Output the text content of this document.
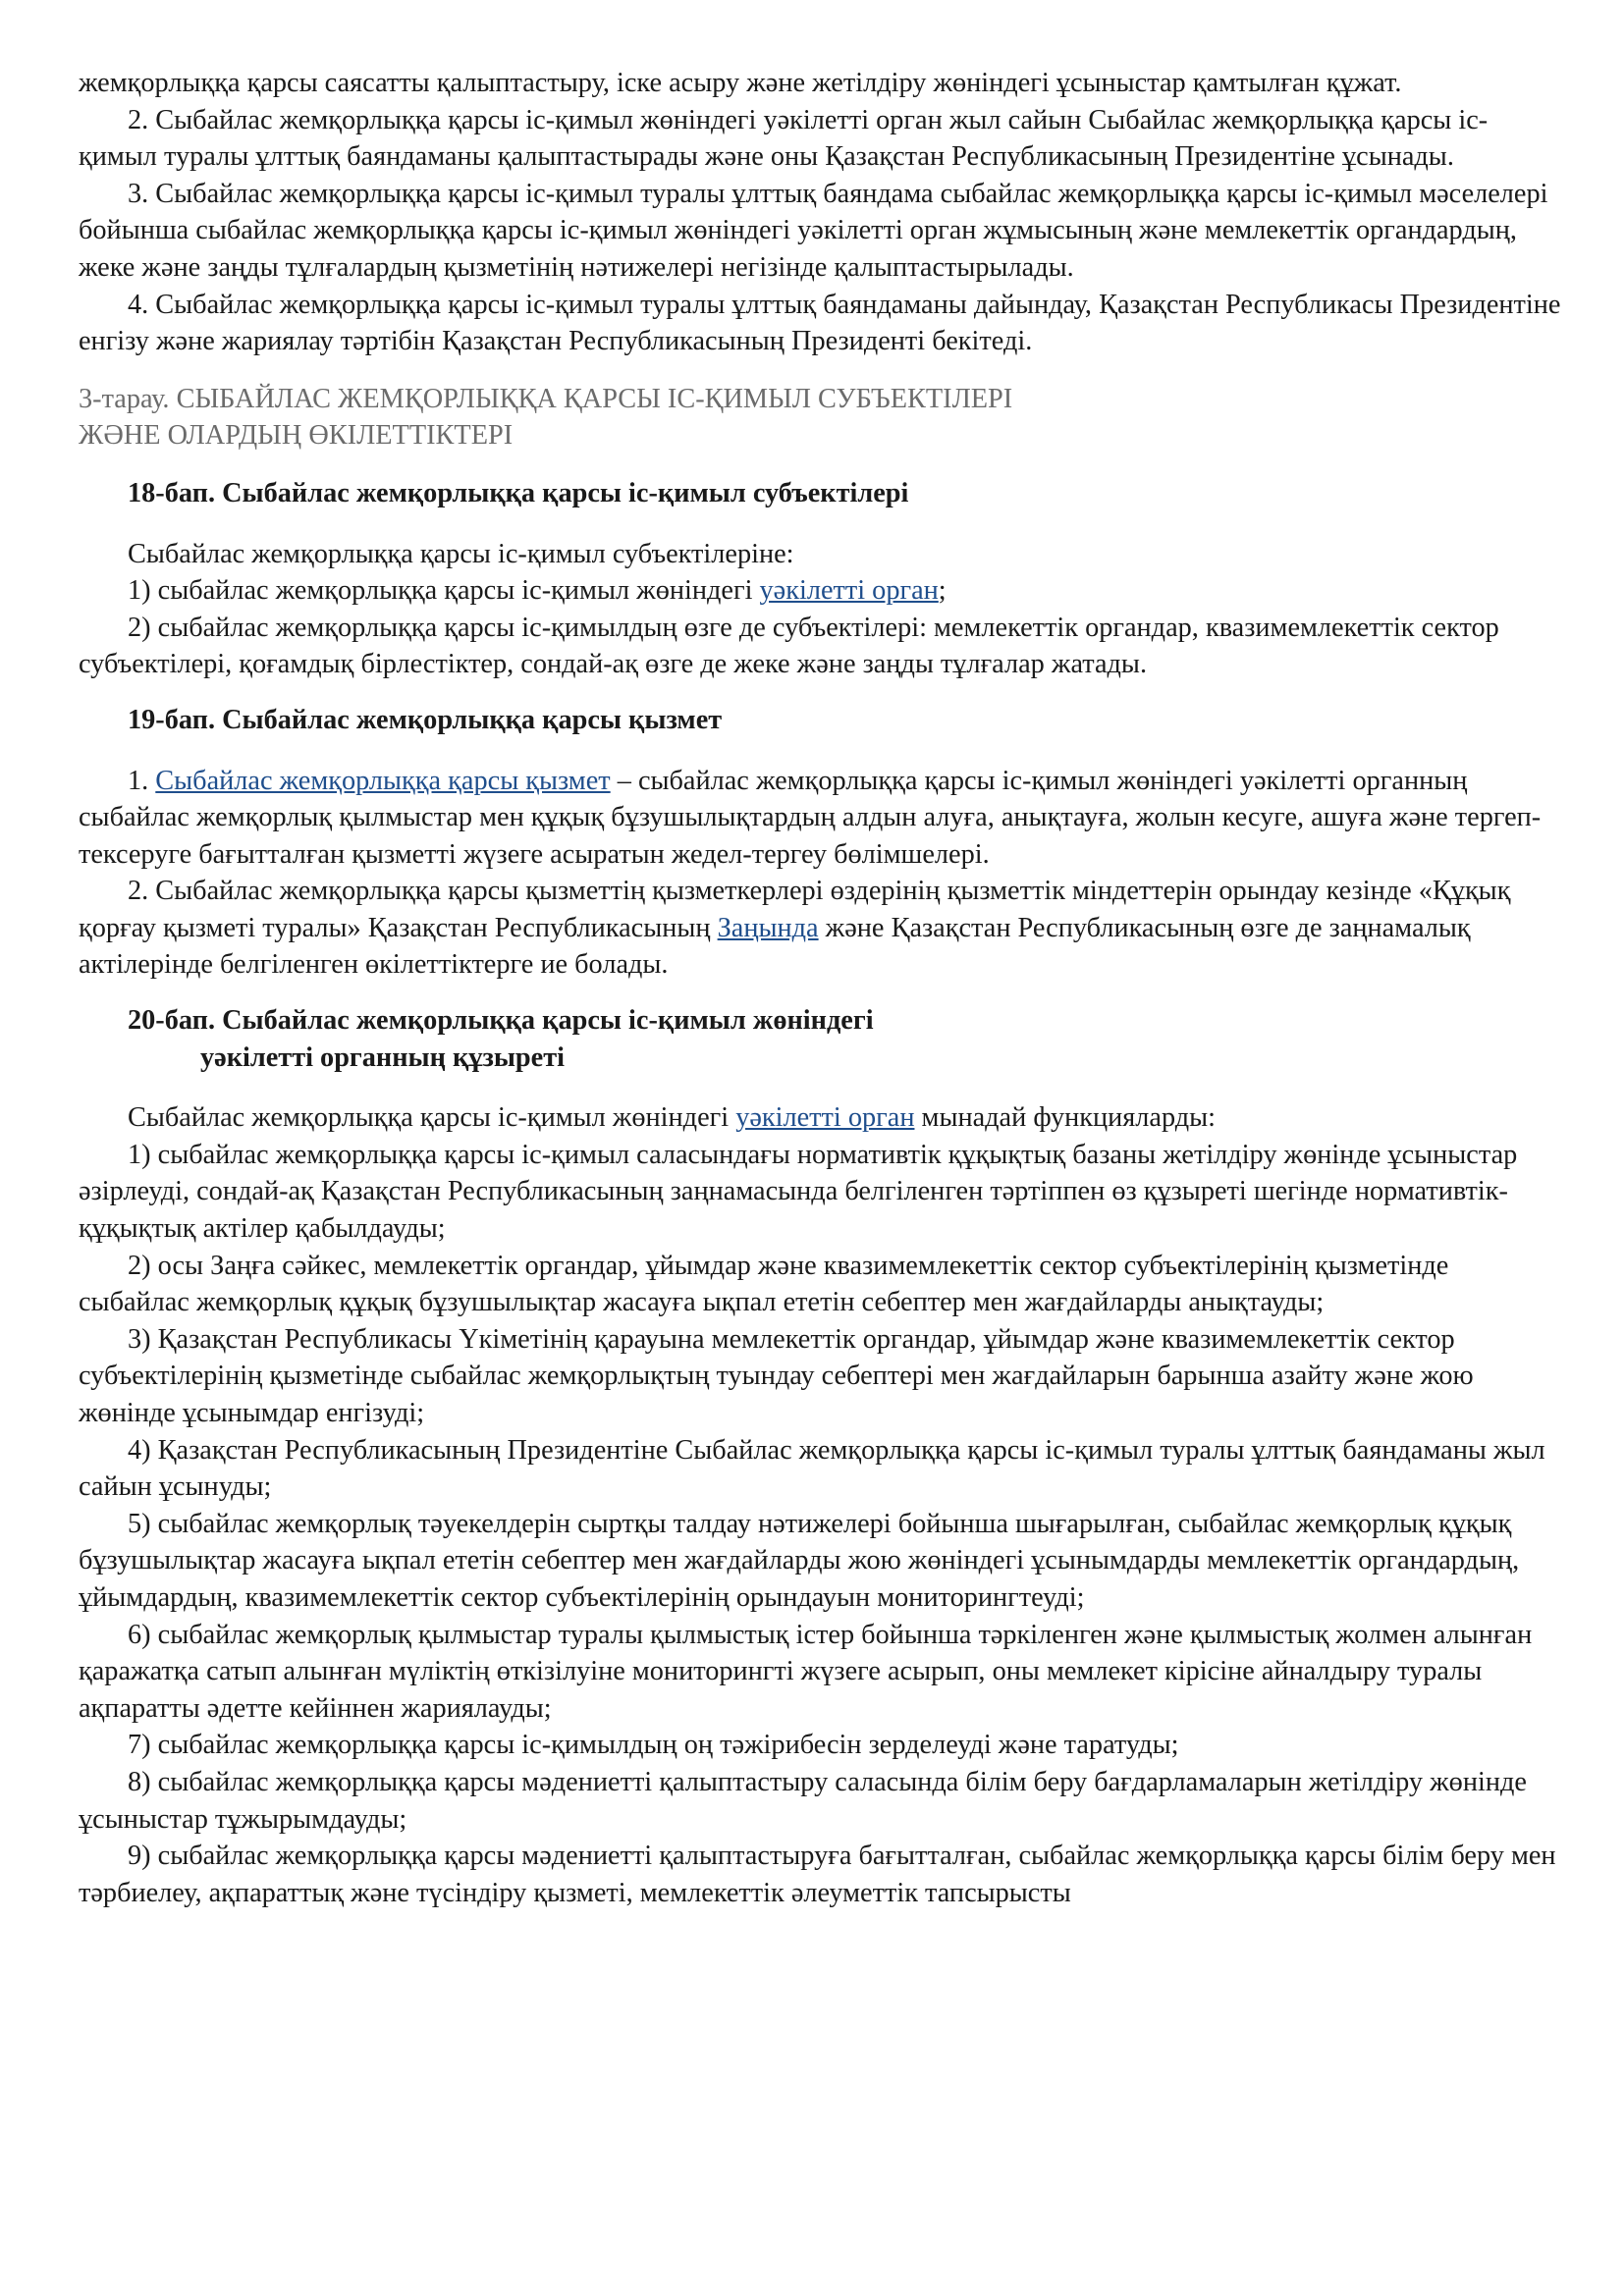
жемқорлыққа қарсы саясатты қалыптастыру, іске асыру және жетілдіру жөніндегі ұсыныстар қамтылған құжат.

2. Сыбайлас жемқорлыққа қарсы іс-қимыл жөніндегі уәкілетті орган жыл сайын Сыбайлас жемқорлыққа қарсы іс-қимыл туралы ұлттық баяндаманы қалыптастырады және оны Қазақстан Республикасының Президентіне ұсынады.

3. Сыбайлас жемқорлыққа қарсы іс-қимыл туралы ұлттық баяндама сыбайлас жемқорлыққа қарсы іс-қимыл мәселелері бойынша сыбайлас жемқорлыққа қарсы іс-қимыл жөніндегі уәкілетті орган жұмысының және мемлекеттік органдардың, жеке және заңды тұлғалардың қызметінің нәтижелері негізінде қалыптастырылады.

4. Сыбайлас жемқорлыққа қарсы іс-қимыл туралы ұлттық баяндаманы дайындау, Қазақстан Республикасы Президентіне енгізу және жариялау тәртібін Қазақстан Республикасының Президенті бекітеді.

3-тарау. СЫБАЙЛАС ЖЕМҚОРЛЫҚҚА ҚАРСЫ ІС-ҚИМЫЛ СУБЪЕКТІЛЕРІ
ЖӘНЕ ОЛАРДЫҢ ӨКІЛЕТТІКТЕРІ
18-бап. Сыбайлас жемқорлыққа қарсы іс-қимыл субъектілері

Сыбайлас жемқорлыққа қарсы іс-қимыл субъектілеріне:

1) сыбайлас жемқорлыққа қарсы іс-қимыл жөніндегі уәкілетті орган;

2) сыбайлас жемқорлыққа қарсы іс-қимылдың өзге де субъектілері: мемлекеттік органдар, квазимемлекеттік сектор субъектілері, қоғамдық бірлестіктер, сондай-ақ өзге де жеке және заңды тұлғалар жатады.

19-бап. Сыбайлас жемқорлыққа қарсы қызмет

1. Сыбайлас жемқорлыққа қарсы қызмет – сыбайлас жемқорлыққа қарсы іс-қимыл жөніндегі уәкілетті органның сыбайлас жемқорлық қылмыстар мен құқық бұзушылықтардың алдын алуға, анықтауға, жолын кесуге, ашуға және тергеп-тексеруге бағытталған қызметті жүзеге асыратын жедел-тергеу бөлімшелері.

2. Сыбайлас жемқорлыққа қарсы қызметтің қызметкерлері өздерінің қызметтік міндеттерін орындау кезінде «Құқық қорғау қызметі туралы» Қазақстан Республикасының Заңында және Қазақстан Республикасының өзге де заңнамалық актілерінде белгіленген өкілеттіктерге ие болады.

20-бап. Сыбайлас жемқорлыққа қарсы іс-қимыл жөніндегі
уәкілетті органның құзыреті

Сыбайлас жемқорлыққа қарсы іс-қимыл жөніндегі уәкілетті орган мынадай функцияларды:

1) сыбайлас жемқорлыққа қарсы іс-қимыл саласындағы нормативтік құқықтық базаны жетілдіру жөнінде ұсыныстар әзірлеуді, сондай-ақ Қазақстан Республикасының заңнамасында белгіленген тәртіппен өз құзыреті шегінде нормативтік-құқықтық актілер қабылдауды;

2) осы Заңға сәйкес, мемлекеттік органдар, ұйымдар және квазимемлекеттік сектор субъектілерінің қызметінде сыбайлас жемқорлық құқық бұзушылықтар жасауға ықпал ететін себептер мен жағдайларды анықтауды;

3) Қазақстан Республикасы Үкіметінің қарауына мемлекеттік органдар, ұйымдар және квазимемлекеттік сектор субъектілерінің қызметінде сыбайлас жемқорлықтың туындау себептері мен жағдайларын барынша азайту және жою жөнінде ұсынымдар енгізуді;

4) Қазақстан Республикасының Президентіне Сыбайлас жемқорлыққа қарсы іс-қимыл туралы ұлттық баяндаманы жыл сайын ұсынуды;

5) сыбайлас жемқорлық тәуекелдерін сыртқы талдау нәтижелері бойынша шығарылған, сыбайлас жемқорлық құқық бұзушылықтар жасауға ықпал ететін себептер мен жағдайларды жою жөніндегі ұсынымдарды мемлекеттік органдардың, ұйымдардың, квазимемлекеттік сектор субъектілерінің орындауын мониторингтеуді;

6) сыбайлас жемқорлық қылмыстар туралы қылмыстық істер бойынша тәркіленген және қылмыстық жолмен алынған қаражатқа сатып алынған мүліктің өткізілуіне мониторингті жүзеге асырып, оны мемлекет кірісіне айналдыру туралы ақпаратты әдетте кейіннен жариялауды;

7) сыбайлас жемқорлыққа қарсы іс-қимылдың оң тәжірибесін зерделеуді және таратуды;

8) сыбайлас жемқорлыққа қарсы мәдениетті қалыптастыру саласында білім беру бағдарламаларын жетілдіру жөнінде ұсыныстар тұжырымдауды;

9) сыбайлас жемқорлыққа қарсы мәдениетті қалыптастыруға бағытталған, сыбайлас жемқорлыққа қарсы білім беру мен тәрбиелеу, ақпараттық және түсіндіру қызметі, мемлекеттік әлеуметтік тапсырысты
